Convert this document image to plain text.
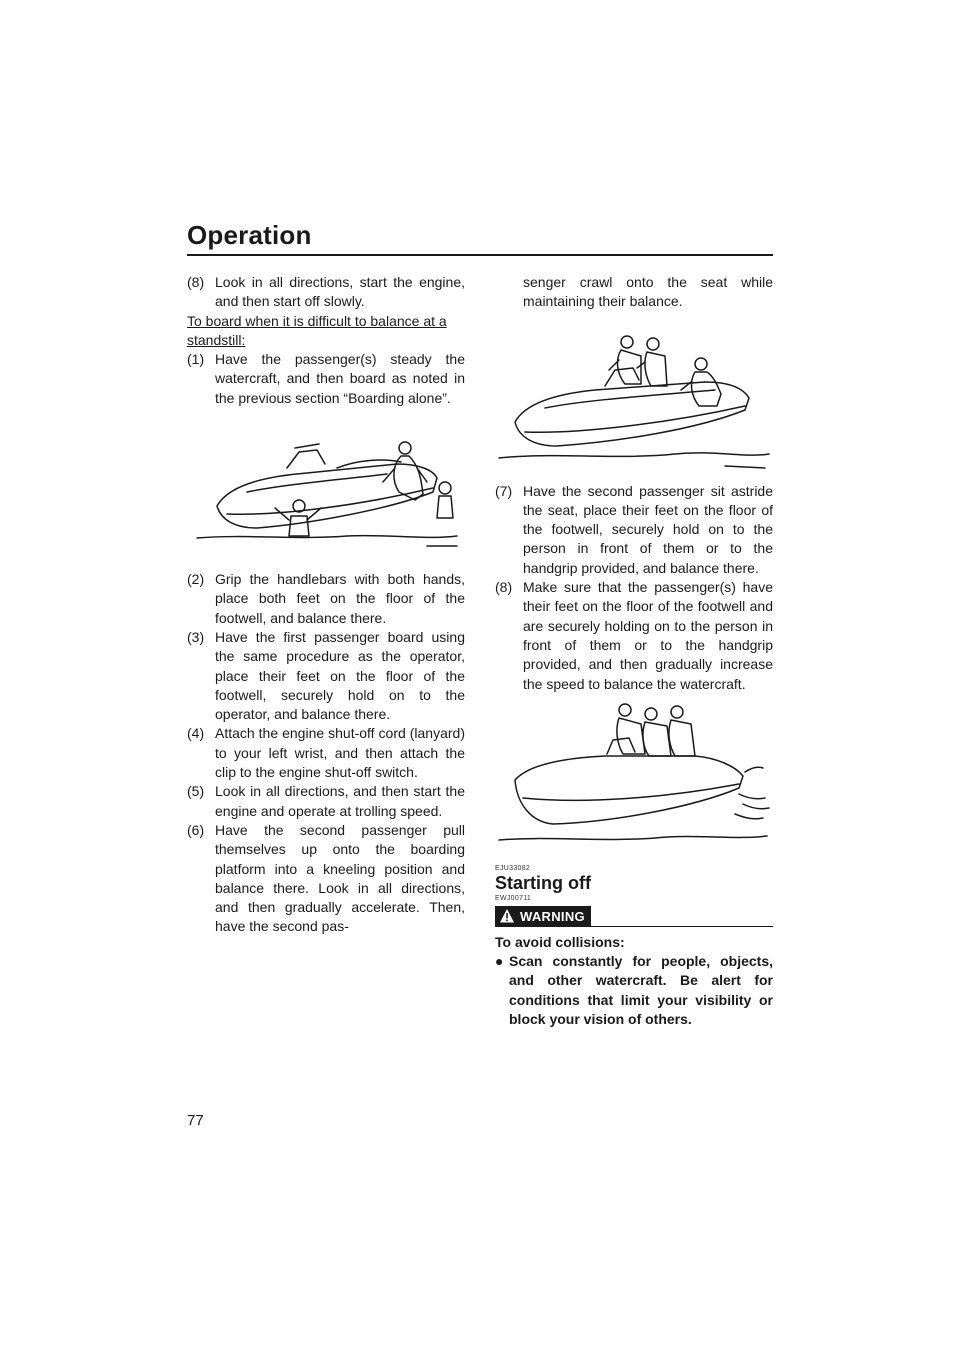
Operation
(8) Look in all directions, start the engine, and then start off slowly.
To board when it is difficult to balance at a standstill:
(1) Have the passenger(s) steady the watercraft, and then board as noted in the previous section “Boarding alone”.
(2) Grip the handlebars with both hands, place both feet on the floor of the footwell, and balance there.
(3) Have the first passenger board using the same procedure as the operator, place their feet on the floor of the footwell, securely hold on to the operator, and balance there.
(4) Attach the engine shut-off cord (lanyard) to your left wrist, and then attach the clip to the engine shut-off switch.
(5) Look in all directions, and then start the engine and operate at trolling speed.
(6) Have the second passenger pull themselves up onto the boarding platform into a kneeling position and balance there. Look in all directions, and then gradually accelerate. Then, have the second pas-
senger crawl onto the seat while maintaining their balance.
(7) Have the second passenger sit astride the seat, place their feet on the floor of the footwell, securely hold on to the person in front of them or to the handgrip provided, and balance there.
(8) Make sure that the passenger(s) have their feet on the floor of the footwell and are securely holding on to the person in front of them or to the handgrip provided, and then gradually increase the speed to balance the watercraft.
EJU33082
Starting off
EWJ00711
WARNING
To avoid collisions:
● Scan constantly for people, objects, and other watercraft. Be alert for conditions that limit your visibility or block your vision of others.
77
